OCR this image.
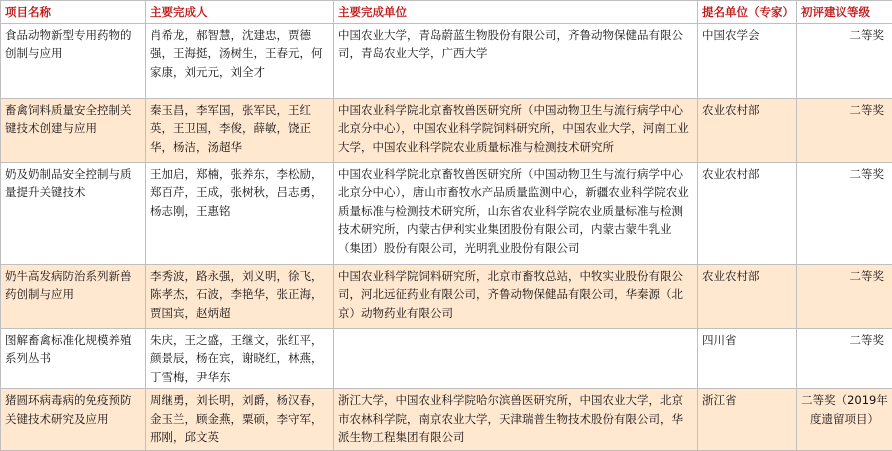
项目名称	主要完成人	主要完成单位	提名单位（专家）	初评建议等级
食品动物新型专用药物的创制与应用	肖希龙，郝智慧，沈建忠，贾德强，王海挺，汤树生，王春元，何家康，刘元元，刘全才	中国农业大学，青岛蔚蓝生物股份有限公司，齐鲁动物保健品有限公司，青岛农业大学，广西大学	中国农学会	二等奖
畜禽饲料质量安全控制关键技术创建与应用	秦玉昌，李军国，张军民，王红英，王卫国，李俊，薛敏，饶正华，杨洁，汤超华	中国农业科学院北京畜牧兽医研究所（中国动物卫生与流行病学中心北京分中心），中国农业科学院饲料研究所，中国农业大学，河南工业大学，中国农业科学院农业质量标准与检测技术研究所	农业农村部	二等奖
奶及奶制品安全控制与质量提升关键技术	王加启，郑楠，张养东，李松励，郑百芹，王成，张树秋，吕志勇，杨志刚，王惠铭	中国农业科学院北京畜牧兽医研究所（中国动物卫生与流行病学中心北京分中心），唐山市畜牧水产品质量监测中心，新疆农业科学院农业质量标准与检测技术研究所，山东省农业科学院农业质量标准与检测技术研究所，内蒙古伊利实业集团股份有限公司，内蒙古蒙牛乳业（集团）股份有限公司，光明乳业股份有限公司	农业农村部	二等奖
奶牛高发病防治系列新兽药创制与应用	李秀波，路永强，刘义明，徐飞，陈孝杰，石波，李艳华，张正海，贾国宾，赵炳超	中国农业科学院饲料研究所，北京市畜牧总站，中牧实业股份有限公司，河北远征药业有限公司，齐鲁动物保健品有限公司，华秦源（北京）动物药业有限公司	农业农村部	二等奖
图解畜禽标准化规模养殖系列丛书	朱庆，王之盛，王继文，张红平，颜景辰，杨在宾，谢晓红，林燕，丁雪梅，尹华东		四川省	二等奖
猪圆环病毒病的免疫预防关键技术研究及应用	周继勇，刘长明，刘爵，杨汉春，金玉兰，顾金燕，粟硕，李守军，邢刚，邱文英	浙江大学，中国农业科学院哈尔滨兽医研究所，中国农业大学，北京市农林科学院，南京农业大学，天津瑞普生物技术股份有限公司，华派生物工程集团有限公司	浙江省	二等奖（2019年度遗留项目）
